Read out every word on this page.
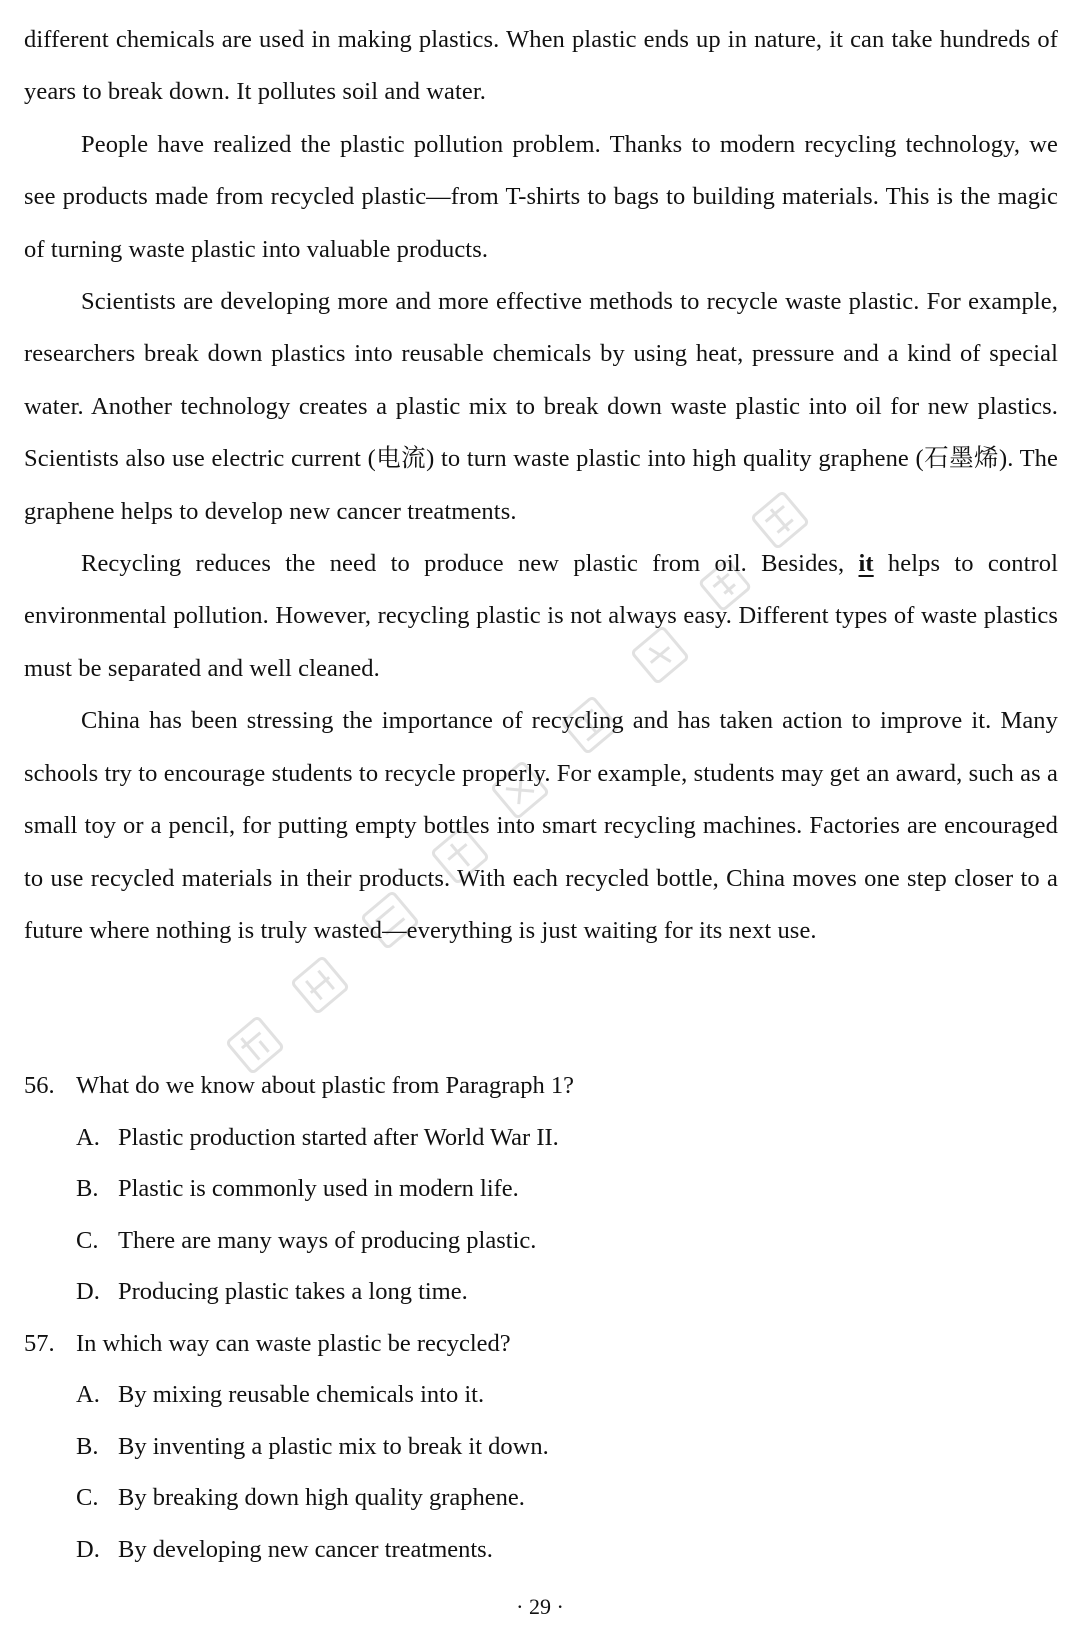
different chemicals are used in making plastics. When plastic ends up in nature, it can take hundreds of years to break down. It pollutes soil and water.

People have realized the plastic pollution problem. Thanks to modern recycling technology, we see products made from recycled plastic—from T-shirts to bags to building materials. This is the magic of turning waste plastic into valuable products.

Scientists are developing more and more effective methods to recycle waste plastic. For example, researchers break down plastics into reusable chemicals by using heat, pressure and a kind of special water. Another technology creates a plastic mix to break down waste plastic into oil for new plastics. Scientists also use electric current (电流) to turn waste plastic into high quality graphene (石墨烯). The graphene helps to develop new cancer treatments.

Recycling reduces the need to produce new plastic from oil. Besides, it helps to control environmental pollution. However, recycling plastic is not always easy. Different types of waste plastics must be separated and well cleaned.

China has been stressing the importance of recycling and has taken action to improve it. Many schools try to encourage students to recycle properly. For example, students may get an award, such as a small toy or a pencil, for putting empty bottles into smart recycling machines. Factories are encouraged to use recycled materials in their products. With each recycled bottle, China moves one step closer to a future where nothing is truly wasted—everything is just waiting for its next use.

56. What do we know about plastic from Paragraph 1?
A. Plastic production started after World War II.
B. Plastic is commonly used in modern life.
C. There are many ways of producing plastic.
D. Producing plastic takes a long time.
57. In which way can waste plastic be recycled?
A. By mixing reusable chemicals into it.
B. By inventing a plastic mix to break it down.
C. By breaking down high quality graphene.
D. By developing new cancer treatments.
· 29 ·
